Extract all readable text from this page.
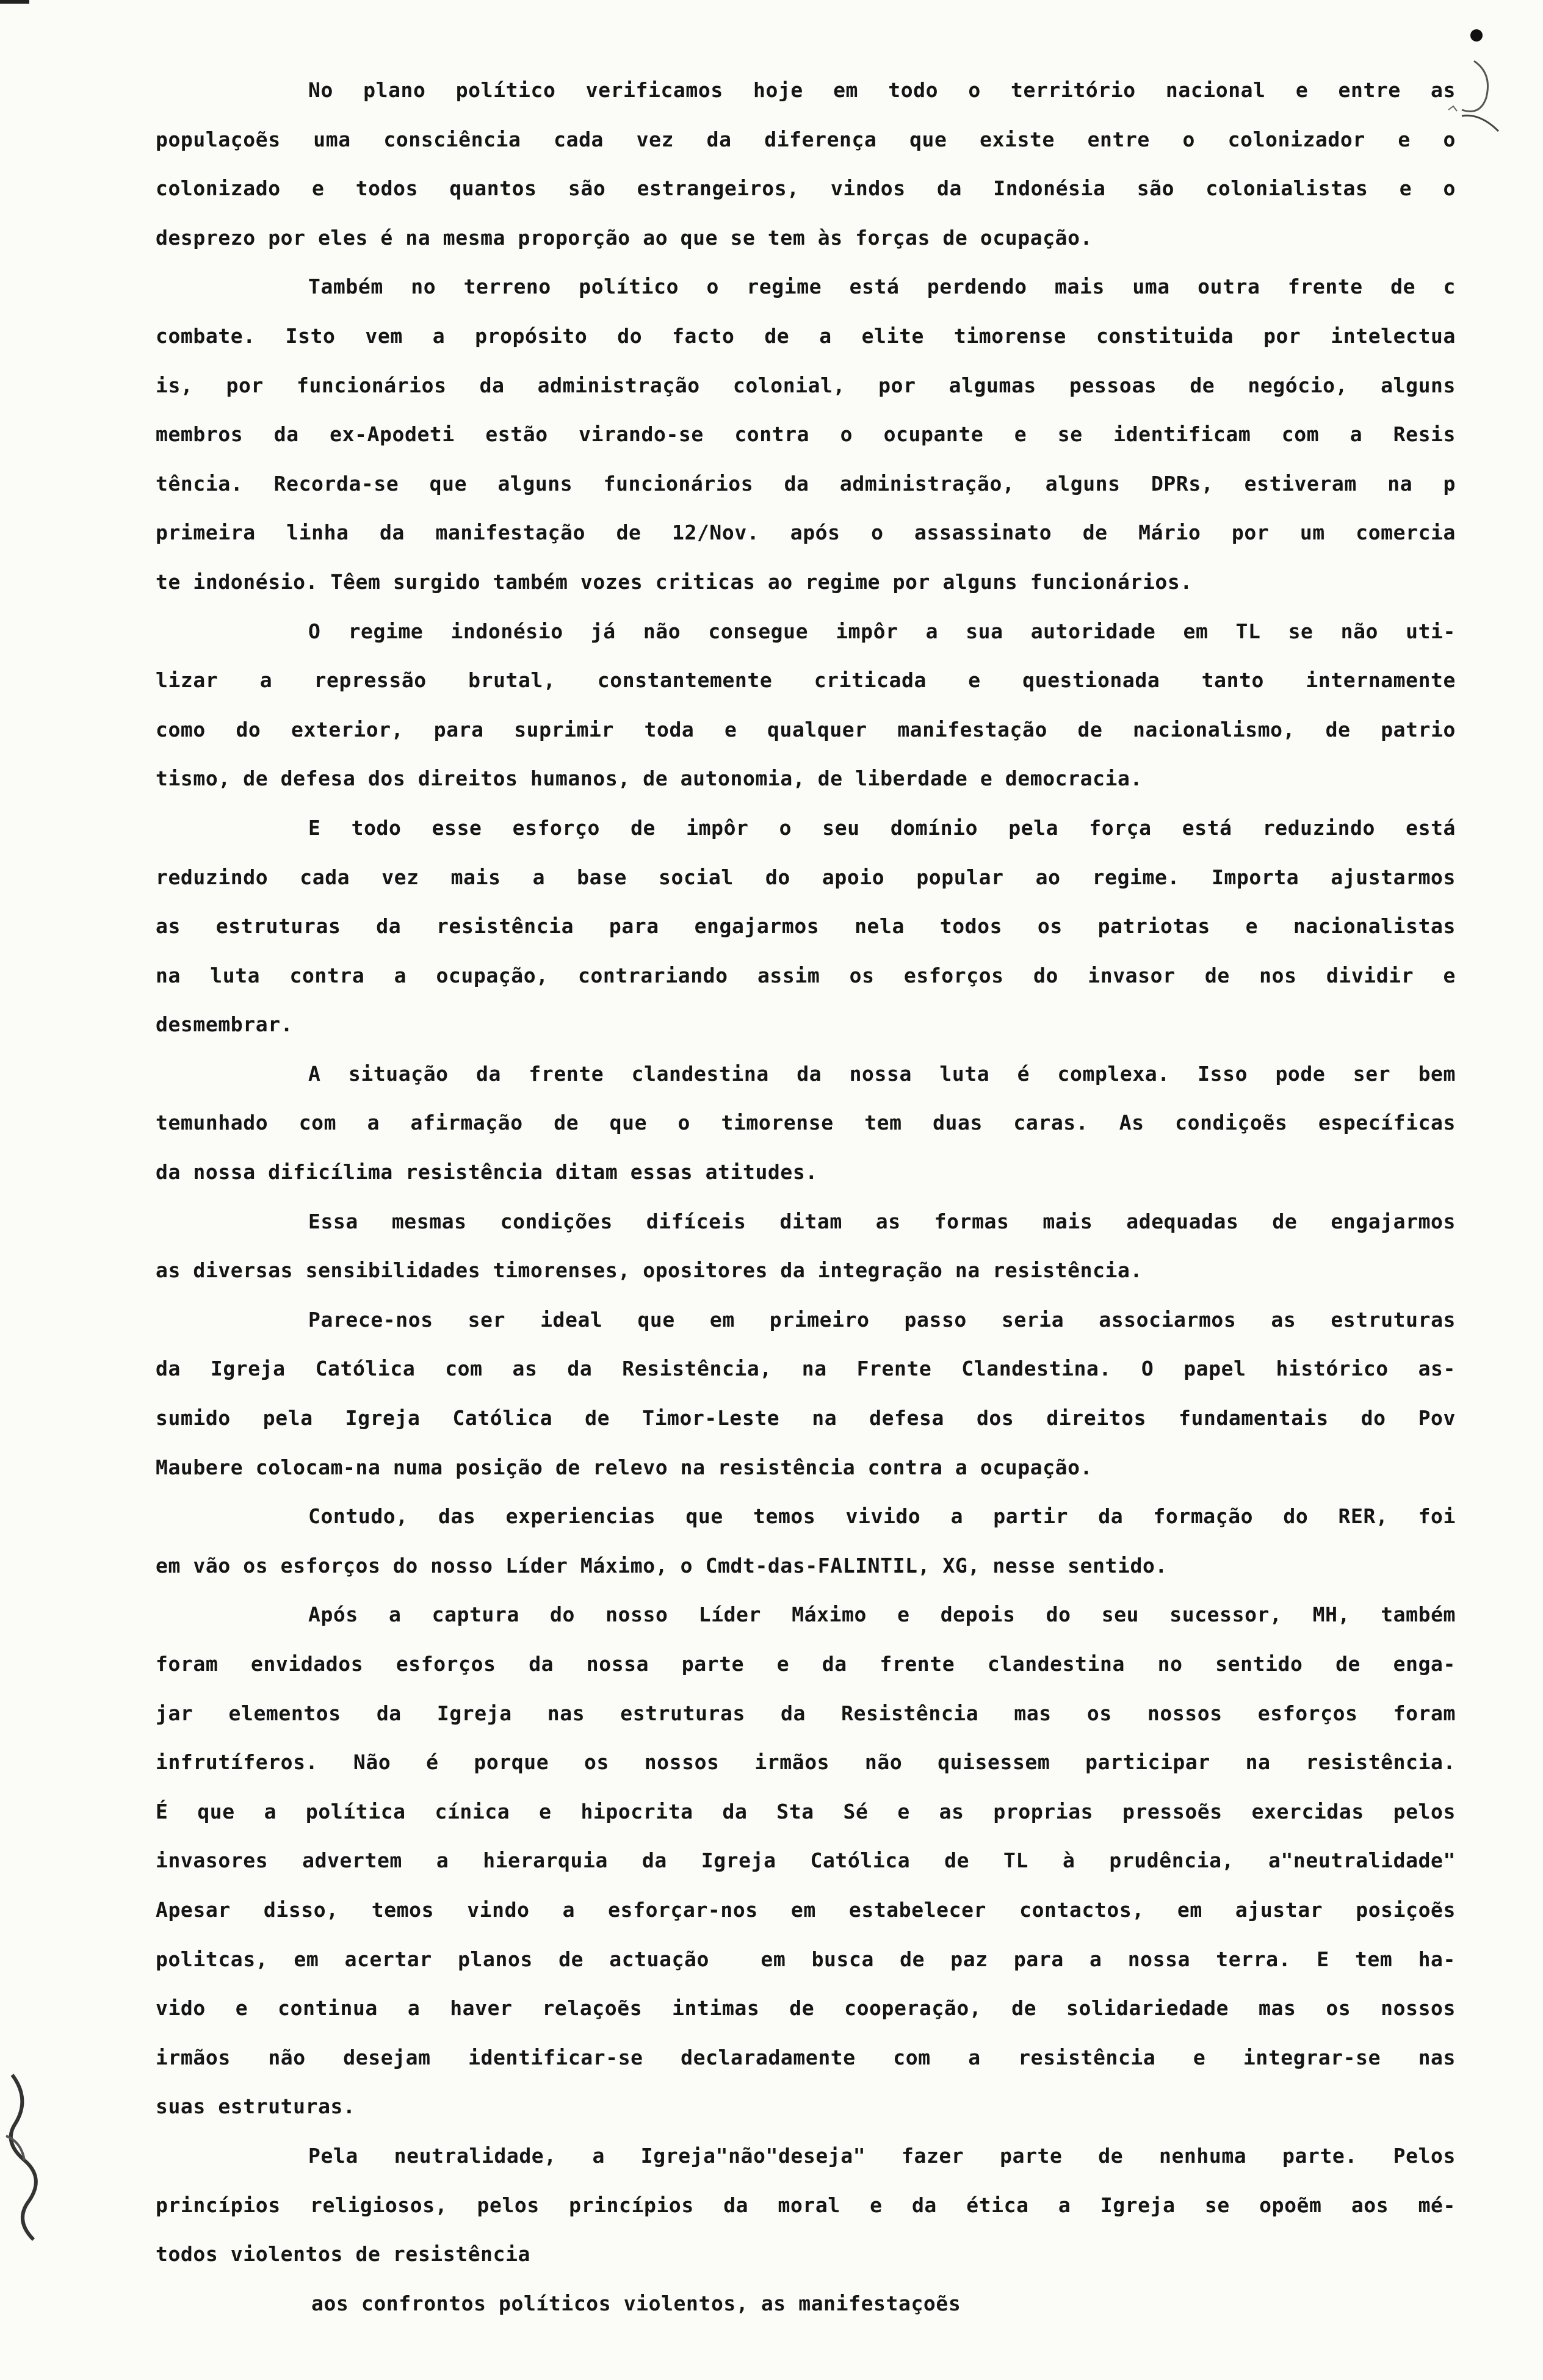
No plano político verificamos hoje em todo o território nacional e entre as
populaçoẽs uma consciência cada vez da diferença que existe entre o colonizador e o
colonizado e todos quantos são estrangeiros, vindos da Indonésia são colonialistas e o
desprezo por eles é na mesma proporção ao que se tem às forças de ocupação.
Também no terreno político o regime está perdendo mais uma outra frente de c
combate. Isto vem a propósito do facto de a elite timorense constituida por intelectua
is, por funcionários da administração colonial, por algumas pessoas de negócio, alguns
membros da ex-Apodeti estão virando-se contra o ocupante e se identificam com a Resis
tência. Recorda-se que alguns funcionários da administração, alguns DPRs, estiveram na p
primeira linha da manifestação de 12/Nov. após o assassinato de Mário por um comercia
te indonésio. Têem surgido também vozes criticas ao regime por alguns funcionários.
O regime indonésio já não consegue impôr a sua autoridade em TL se não uti-
lizar a repressão brutal, constantemente criticada e questionada tanto internamente
como do exterior, para suprimir toda e qualquer manifestação de nacionalismo, de patrio
tismo, de defesa dos direitos humanos, de autonomia, de liberdade e democracia.
E todo esse esforço de impôr o seu domínio pela força está reduzindo está
reduzindo cada vez mais a base social do apoio popular ao regime. Importa ajustarmos
as estruturas da resistência para engajarmos nela todos os patriotas e nacionalistas
na luta contra a ocupação, contrariando assim os esforços do invasor de nos dividir e
desmembrar.
A situação da frente clandestina da nossa luta é complexa. Isso pode ser bem
temunhado com a afirmação de que o timorense tem duas caras. As condiçoẽs específicas
da nossa dificílima resistência ditam essas atitudes.
Essa mesmas condições difíceis ditam as formas mais adequadas de engajarmos
as diversas sensibilidades timorenses, opositores da integração na resistência.
Parece-nos ser ideal que em primeiro passo seria associarmos as estruturas
da Igreja Católica com as da Resistência, na Frente Clandestina. O papel histórico as-
sumido pela Igreja Católica de Timor-Leste na defesa dos direitos fundamentais do Pov
Maubere colocam-na numa posição de relevo na resistência contra a ocupação.
Contudo, das experiencias que temos vivido a partir da formação do RER, foi
em vão os esforços do nosso Líder Máximo, o Cmdt-das-FALINTIL, XG, nesse sentido.
Após a captura do nosso Líder Máximo e depois do seu sucessor, MH, também
foram envidados esforços da nossa parte e da frente clandestina no sentido de enga-
jar elementos da Igreja nas estruturas da Resistência mas os nossos esforços foram
infrutíferos. Não é porque os nossos irmãos não quisessem participar na resistência.
É que a política cínica e hipocrita da Sta Sé e as proprias pressoẽs exercidas pelos
invasores advertem a hierarquia da Igreja Católica de TL à prudência, a"neutralidade"
Apesar disso, temos vindo a esforçar-nos em estabelecer contactos, em ajustar posiçoẽs
politcas, em acertar planos de actuação  em busca de paz para a nossa terra. E tem ha-
vido e continua a haver relaçoẽs intimas de cooperação, de solidariedade mas os nossos
irmãos não desejam identificar-se declaradamente com a resistência e integrar-se nas
suas estruturas.
Pela neutralidade, a Igreja"não"deseja" fazer parte de nenhuma parte. Pelos
princípios religiosos, pelos princípios da moral e da ética a Igreja se opoẽm aos mé-
todos violentos de resistência
aos confrontos políticos violentos, as manifestaçoẽs
